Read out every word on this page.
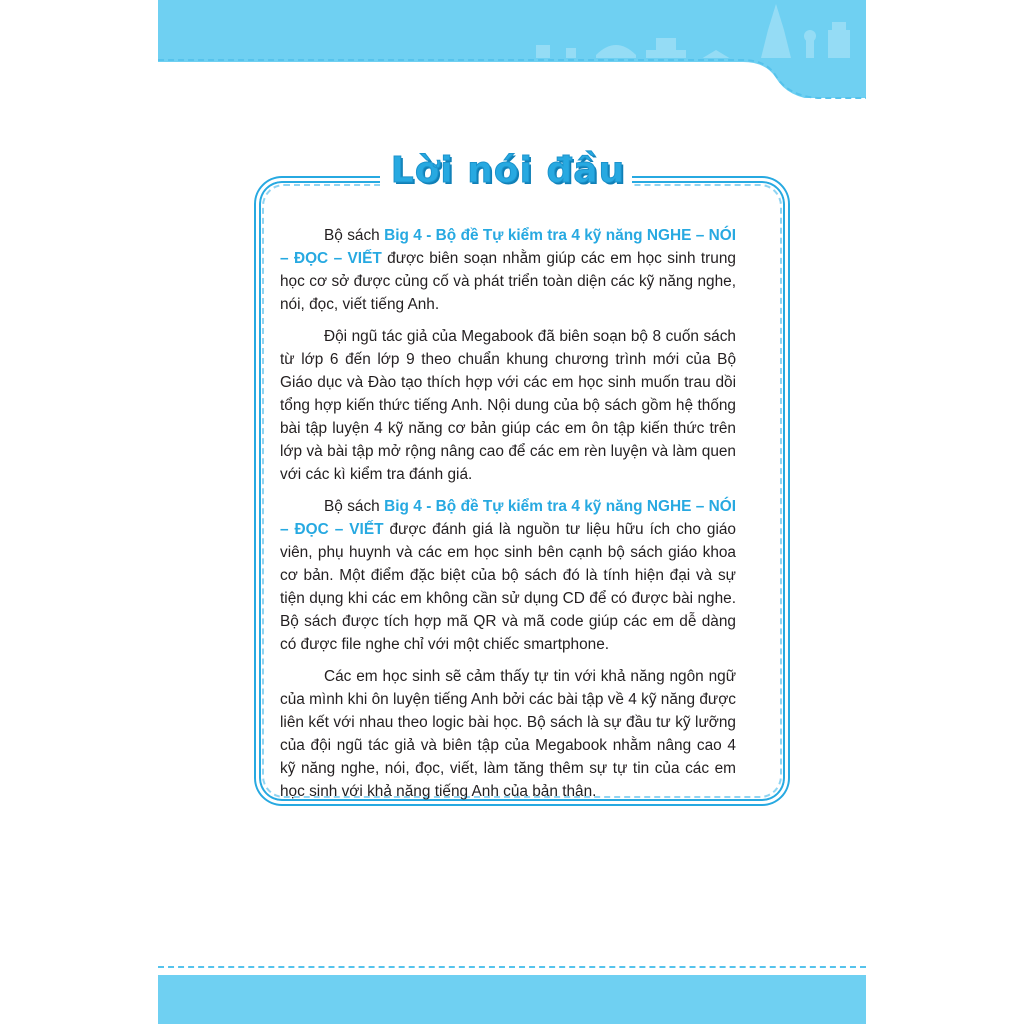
Lời nói đầu

Bộ sách Big 4 - Bộ đề Tự kiểm tra 4 kỹ năng NGHE – NÓI – ĐỌC – VIẾT được biên soạn nhằm giúp các em học sinh trung học cơ sở được củng cố và phát triển toàn diện các kỹ năng nghe, nói, đọc, viết tiếng Anh.

Đội ngũ tác giả của Megabook đã biên soạn bộ 8 cuốn sách từ lớp 6 đến lớp 9 theo chuẩn khung chương trình mới của Bộ Giáo dục và Đào tạo thích hợp với các em học sinh muốn trau dồi tổng hợp kiến thức tiếng Anh. Nội dung của bộ sách gồm hệ thống bài tập luyện 4 kỹ năng cơ bản giúp các em ôn tập kiến thức trên lớp và bài tập mở rộng nâng cao để các em rèn luyện và làm quen với các kì kiểm tra đánh giá.

Bộ sách Big 4 - Bộ đề Tự kiểm tra 4 kỹ năng NGHE – NÓI – ĐỌC – VIẾT được đánh giá là nguồn tư liệu hữu ích cho giáo viên, phụ huynh và các em học sinh bên cạnh bộ sách giáo khoa cơ bản. Một điểm đặc biệt của bộ sách đó là tính hiện đại và sự tiện dụng khi các em không cần sử dụng CD để có được bài nghe. Bộ sách được tích hợp mã QR và mã code giúp các em dễ dàng có được file nghe chỉ với một chiếc smartphone.

Các em học sinh sẽ cảm thấy tự tin với khả năng ngôn ngữ của mình khi ôn luyện tiếng Anh bởi các bài tập về 4 kỹ năng được liên kết với nhau theo logic bài học. Bộ sách là sự đầu tư kỹ lưỡng của đội ngũ tác giả và biên tập của Megabook nhằm nâng cao 4 kỹ năng nghe, nói, đọc, viết, làm tăng thêm sự tự tin của các em học sinh với khả năng tiếng Anh của bản thân.
